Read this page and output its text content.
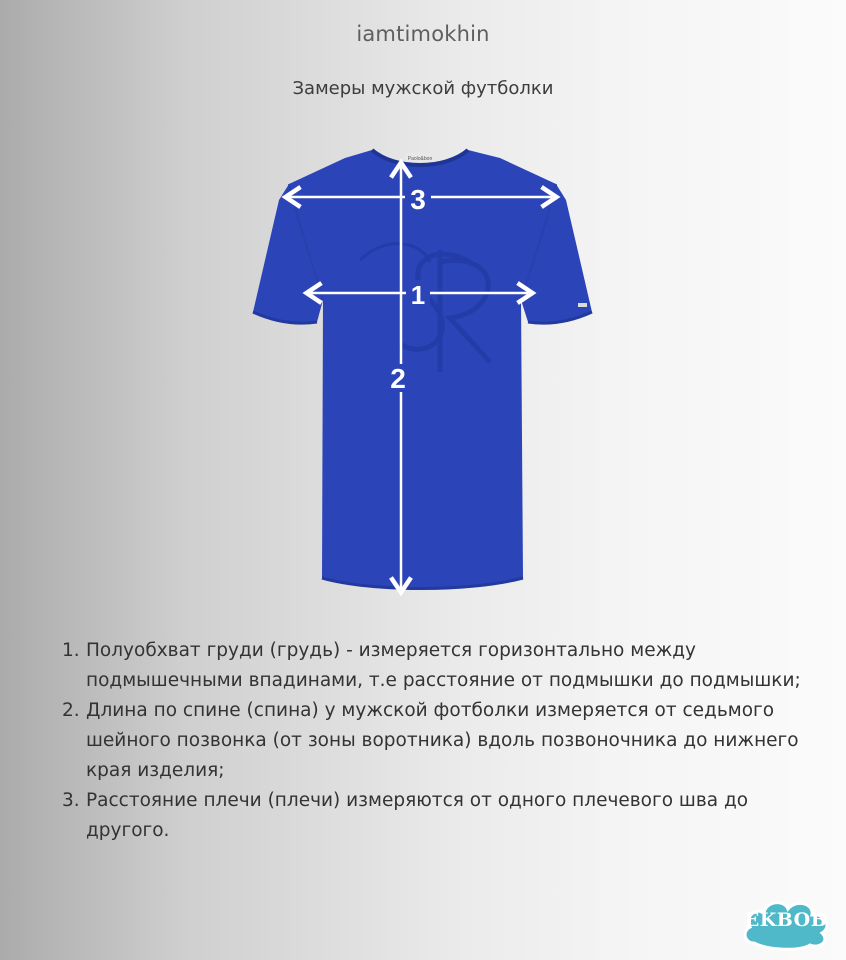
iamtimokhin
Замеры мужской футболки
Paolo&bon
3
1
2

1. Полуобхват груди (грудь) - измеряется горизонтально между подмышечными впадинами, т.е расстояние от подмышки до подмышки;

2. Длина по спине (спина) у мужской фотболки измеряется от седьмого шейного позвонка (от зоны воротника) вдоль позвоночника до нижнего края изделия;

3. Расстояние плечи (плечи) измеряются от одного плечевого шва до другого.

EKBOB
